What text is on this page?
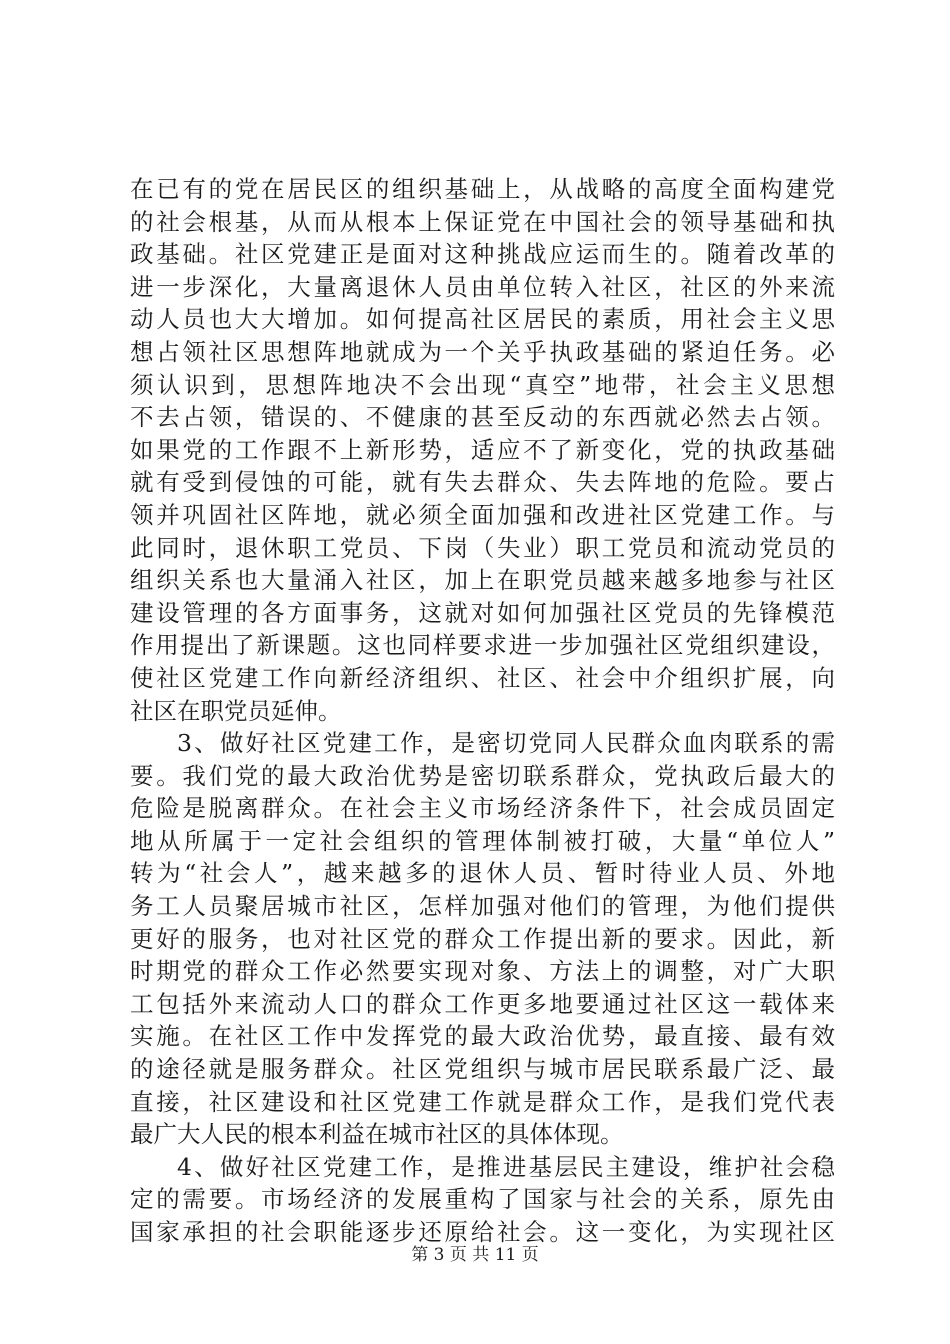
在已有的党在居民区的组织基础上，从战略的高度全面构建党
的社会根基，从而从根本上保证党在中国社会的领导基础和执
政基础。社区党建正是面对这种挑战应运而生的。随着改革的
进一步深化，大量离退休人员由单位转入社区，社区的外来流
动人员也大大增加。如何提高社区居民的素质，用社会主义思
想占领社区思想阵地就成为一个关乎执政基础的紧迫任务。必
须认识到，思想阵地决不会出现“真空”地带，社会主义思想
不去占领，错误的、不健康的甚至反动的东西就必然去占领。
如果党的工作跟不上新形势，适应不了新变化，党的执政基础
就有受到侵蚀的可能，就有失去群众、失去阵地的危险。要占
领并巩固社区阵地，就必须全面加强和改进社区党建工作。与
此同时，退休职工党员、下岗（失业）职工党员和流动党员的
组织关系也大量涌入社区，加上在职党员越来越多地参与社区
建设管理的各方面事务，这就对如何加强社区党员的先锋模范
作用提出了新课题。这也同样要求进一步加强社区党组织建设，
使社区党建工作向新经济组织、社区、社会中介组织扩展，向
社区在职党员延伸。
3、做好社区党建工作，是密切党同人民群众血肉联系的需
要。我们党的最大政治优势是密切联系群众，党执政后最大的
危险是脱离群众。在社会主义市场经济条件下，社会成员固定
地从所属于一定社会组织的管理体制被打破，大量“单位人”
转为“社会人”，越来越多的退休人员、暂时待业人员、外地
务工人员聚居城市社区，怎样加强对他们的管理，为他们提供
更好的服务，也对社区党的群众工作提出新的要求。因此，新
时期党的群众工作必然要实现对象、方法上的调整，对广大职
工包括外来流动人口的群众工作更多地要通过社区这一载体来
实施。在社区工作中发挥党的最大政治优势，最直接、最有效
的途径就是服务群众。社区党组织与城市居民联系最广泛、最
直接，社区建设和社区党建工作就是群众工作，是我们党代表
最广大人民的根本利益在城市社区的具体体现。
4、做好社区党建工作，是推进基层民主建设，维护社会稳
定的需要。市场经济的发展重构了国家与社会的关系，原先由
国家承担的社会职能逐步还原给社会。这一变化，为实现社区
第 3 页 共 11 页
